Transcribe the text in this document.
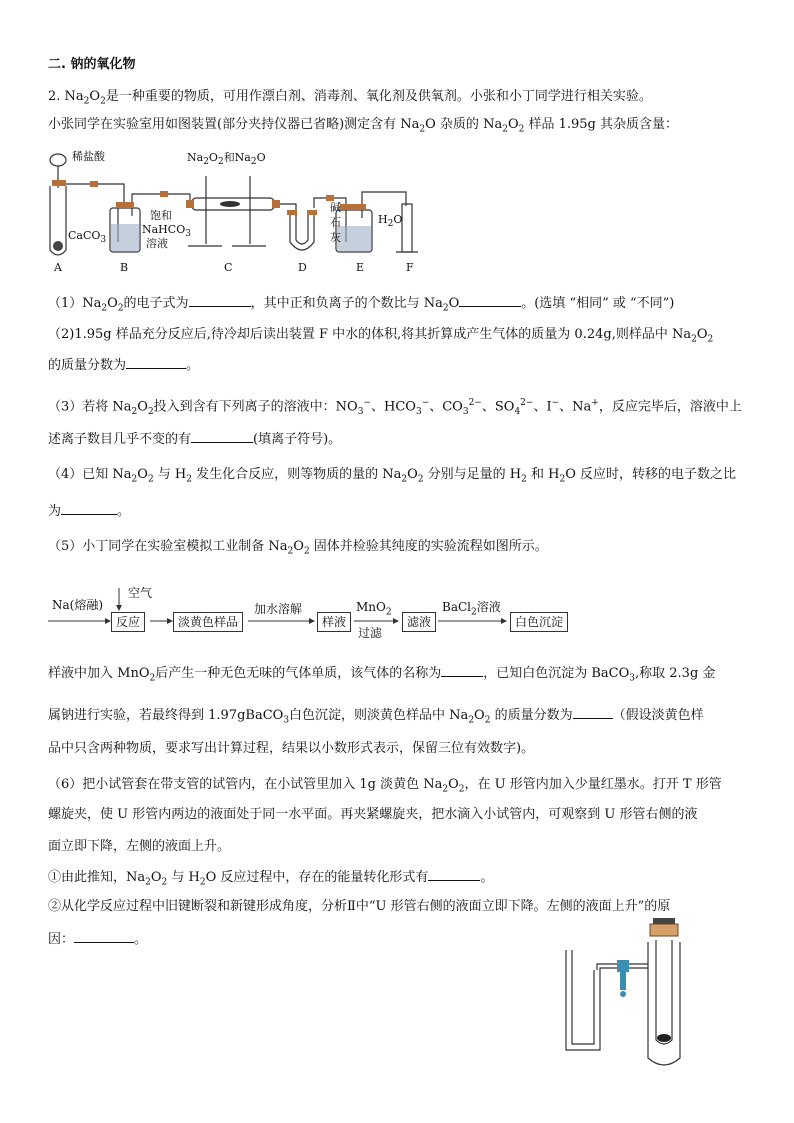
二. 钠的氧化物
2. $Na_2O_2$是一种重要的物质，可用作漂白剂、消毒剂、氧化剂及供氧剂。小张和小丁同学进行相关实验。
小张同学在实验室用如图装置(部分夹持仪器已省略)测定含有 $Na_2O$ 杂质的 $Na_2O_2$ 样品 1.95g 其杂质含量：
稀盐酸	$Na_2O_2$和$Na_2O$
饱和
NaHCO$_3$
溶液
CaCO$_3$
碱
石
灰
$H_2O$
A	B	C	D	E	F
$(1)Na_2O_2$的电子式为	，其中正和负离子的个数比与 $Na_2O$	。(选填 “相同” 或 “不同”)
（2)1.95g 样品充分反应后,待冷却后读出装置 F 中水的体积,将其折算成产生气体的质量为 0.24g,则样品中 $Na_2O_2$
的质量分数为	。
（3）若将 $Na_2O_2$投入到含有下列离子的溶液中：$NO_3^-$、$HCO_3^-$、$CO_3^{2-}$、$SO_4^{2-}$、I−、Na+，反应完毕后，溶液中上
述离子数目几乎不变的有	(填离子符号)。
（4）已知 $Na_2O_2$ 与 $H_2$ 发生化合反应，则等物质的量的 $Na_2O_2$ 分别与足量的 $H_2$ 和 $H_2O$ 反应时，转移的电子数之比
为	。
（5）小丁同学在实验室模拟工业制备 $Na_2O_2$ 固体并检验其纯度的实验流程如图所示。
Na(熔融)
空气
反应	淡黄色样品
加水溶解
样液
MnO$_2$
过滤
滤液
BaCl$_2$溶液
白色沉淀
样液中加入 MnO$_2$后产生一种无色无味的气体单质，该气体的名称为	，已知白色沉淀为 BaCO$_3$,称取 2.3g 金
属钠进行实验，若最终得到 1.97gBaCO$_3$白色沉淀，则淡黄色样品中 $Na_2O_2$ 的质量分数为	（假设淡黄色样
品中只含两种物质，要求写出计算过程，结果以小数形式表示，保留三位有效数字)。
（6）把小试管套在带支管的试管内，在小试管里加入 1g 淡黄色 $Na_2O_2$，在 U 形管内加入少量红墨水。打开 T 形管
螺旋夹，使 U 形管内两边的液面处于同一水平面。再夹紧螺旋夹，把水滴入小试管内，可观察到 U 形管右侧的液
面立即下降，左侧的液面上升。
①由此推知，$Na_2O_2$ 与 $H_2O$ 反应过程中，存在的能量转化形式有	。
②从化学反应过程中旧键断裂和新键形成角度，分析Ⅱ中“U 形管右侧的液面立即下降。左侧的液面上升”的原
因：	。
